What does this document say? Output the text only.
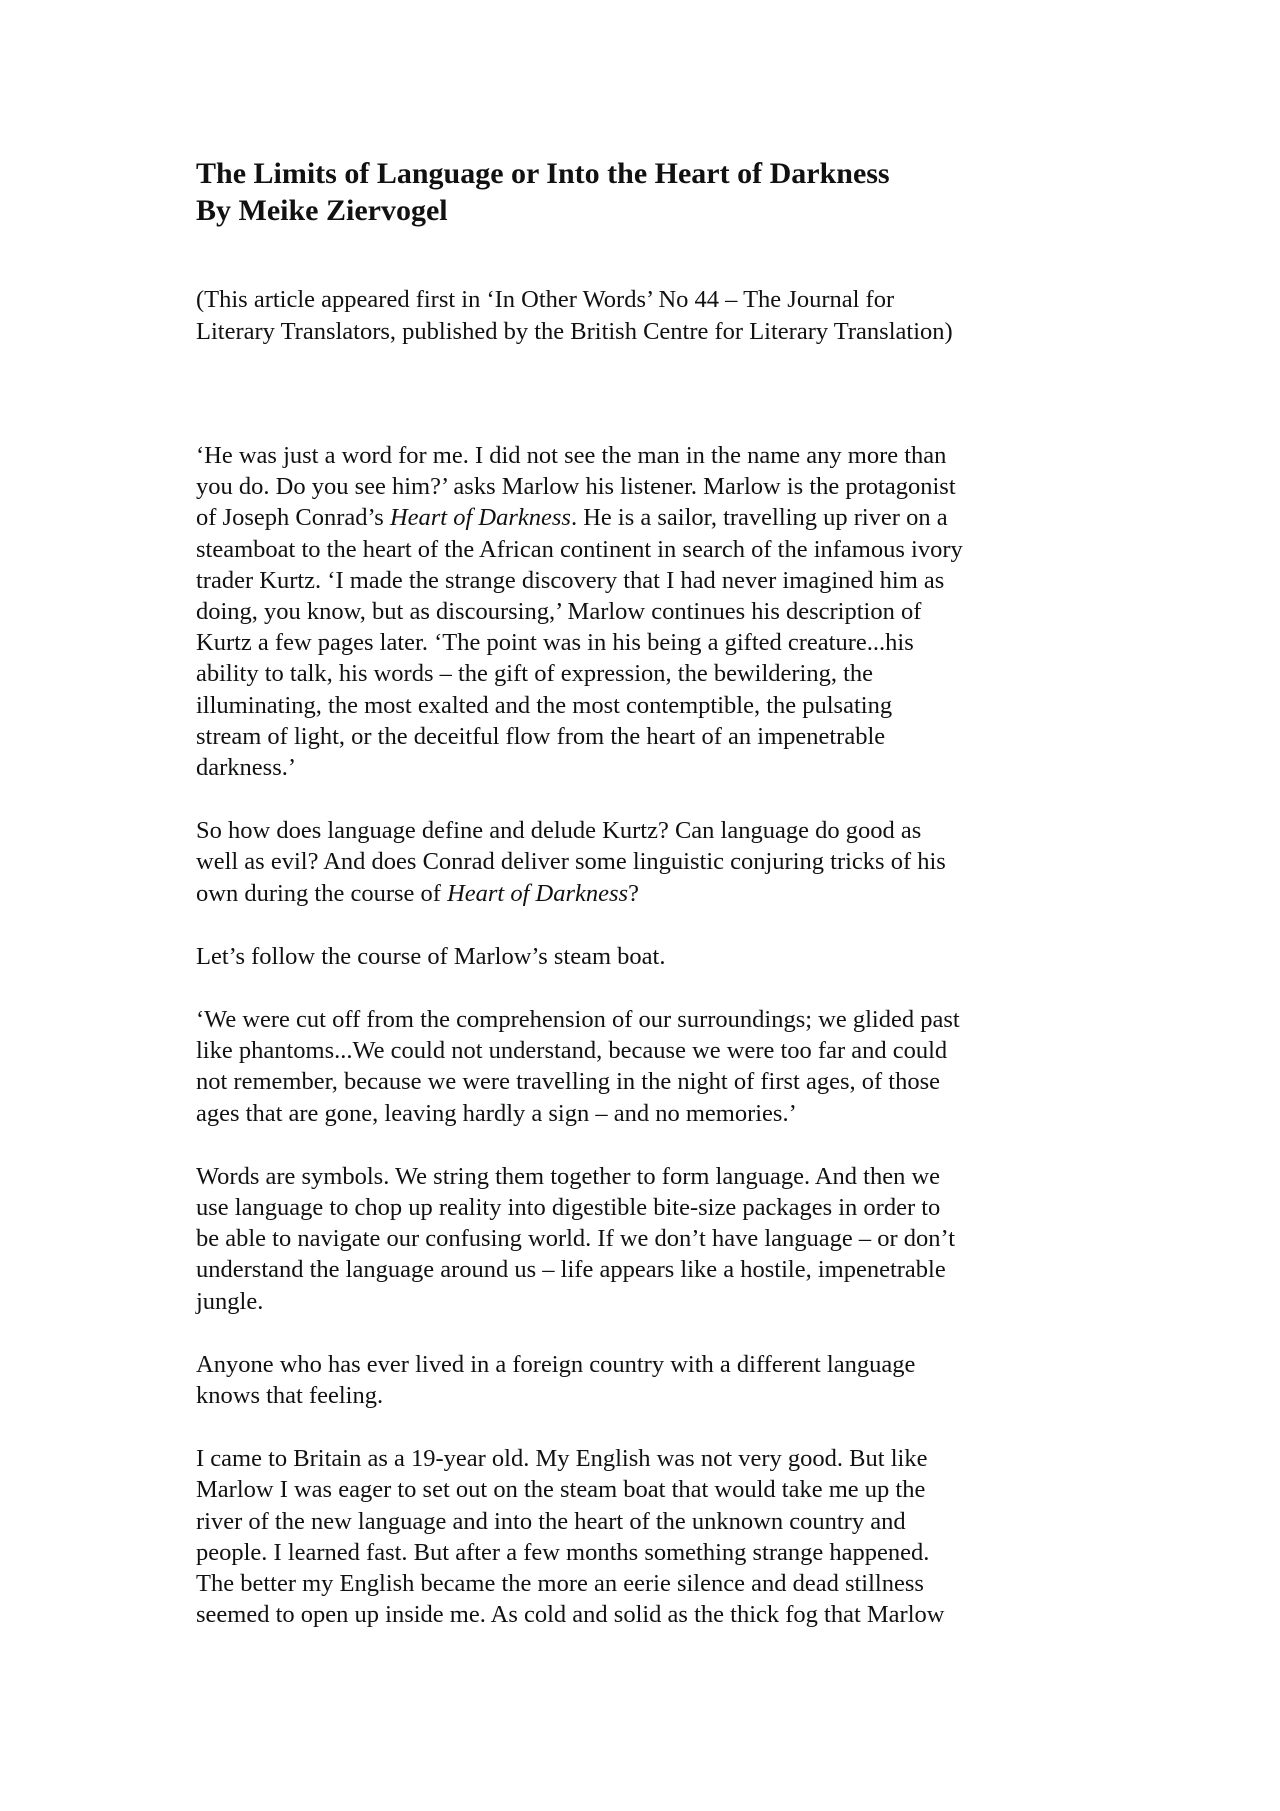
The Limits of Language or Into the Heart of Darkness
By Meike Ziervogel
(This article appeared first in ‘In Other Words’ No 44 – The Journal for
Literary Translators, published by the British Centre for Literary Translation)

‘He was just a word for me. I did not see the man in the name any more than
you do. Do you see him?’ asks Marlow his listener. Marlow is the protagonist
of Joseph Conrad’s Heart of Darkness. He is a sailor, travelling up river on a
steamboat to the heart of the African continent in search of the infamous ivory
trader Kurtz. ‘I made the strange discovery that I had never imagined him as
doing, you know, but as discoursing,’ Marlow continues his description of
Kurtz a few pages later. ‘The point was in his being a gifted creature...his
ability to talk, his words – the gift of expression, the bewildering, the
illuminating, the most exalted and the most contemptible, the pulsating
stream of light, or the deceitful flow from the heart of an impenetrable
darkness.’

So how does language define and delude Kurtz? Can language do good as
well as evil? And does Conrad deliver some linguistic conjuring tricks of his
own during the course of Heart of Darkness?

Let’s follow the course of Marlow’s steam boat.

‘We were cut off from the comprehension of our surroundings; we glided past
like phantoms...We could not understand, because we were too far and could
not remember, because we were travelling in the night of first ages, of those
ages that are gone, leaving hardly a sign – and no memories.’

Words are symbols. We string them together to form language. And then we
use language to chop up reality into digestible bite-size packages in order to
be able to navigate our confusing world. If we don’t have language – or don’t
understand the language around us – life appears like a hostile, impenetrable
jungle.

Anyone who has ever lived in a foreign country with a different language
knows that feeling.

I came to Britain as a 19-year old. My English was not very good. But like
Marlow I was eager to set out on the steam boat that would take me up the
river of the new language and into the heart of the unknown country and
people. I learned fast. But after a few months something strange happened.
The better my English became the more an eerie silence and dead stillness
seemed to open up inside me. As cold and solid as the thick fog that Marlow
